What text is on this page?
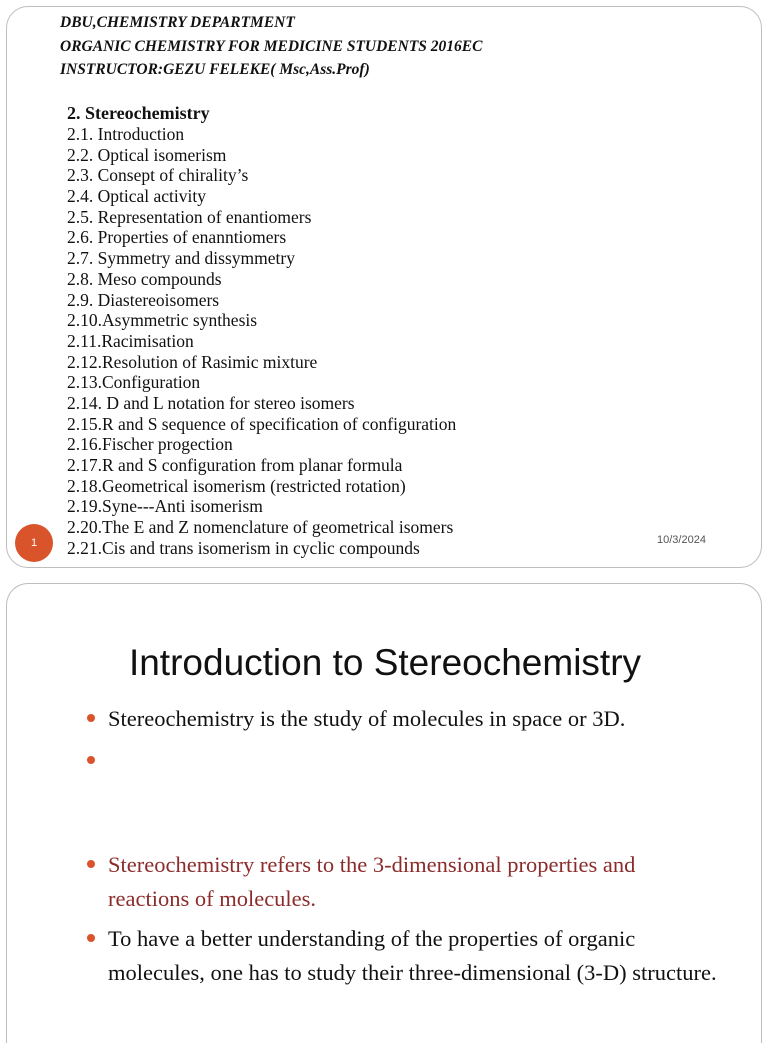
DBU,CHEMISTRY DEPARTMENT
ORGANIC CHEMISTRY FOR MEDICINE STUDENTS 2016EC
INSTRUCTOR:GEZU FELEKE( Msc,Ass.Prof)
2. Stereochemistry
2.1. Introduction
2.2. Optical isomerism
2.3. Consept of chirality’s
2.4. Optical activity
2.5. Representation of enantiomers
2.6. Properties of enanntiomers
2.7. Symmetry and dissymmetry
2.8. Meso compounds
2.9. Diastereoisomers
2.10.Asymmetric synthesis
2.11.Racimisation
2.12.Resolution of Rasimic mixture
2.13.Configuration
2.14. D and L notation for stereo isomers
2.15.R and S sequence of specification of configuration
2.16.Fischer progection
2.17.R and S configuration from planar formula
2.18.Geometrical isomerism (restricted rotation)
2.19.Syne---Anti isomerism
2.20.The E and Z nomenclature of geometrical isomers
2.21.Cis and trans isomerism in cyclic compounds
1	10/3/2024
Introduction to Stereochemistry
Stereochemistry is the study of molecules in space or 3D.
Stereochemistry refers to the 3-dimensional properties and reactions of molecules.
To have a better understanding of the properties of organic molecules, one has to study their three-dimensional (3-D) structure.
